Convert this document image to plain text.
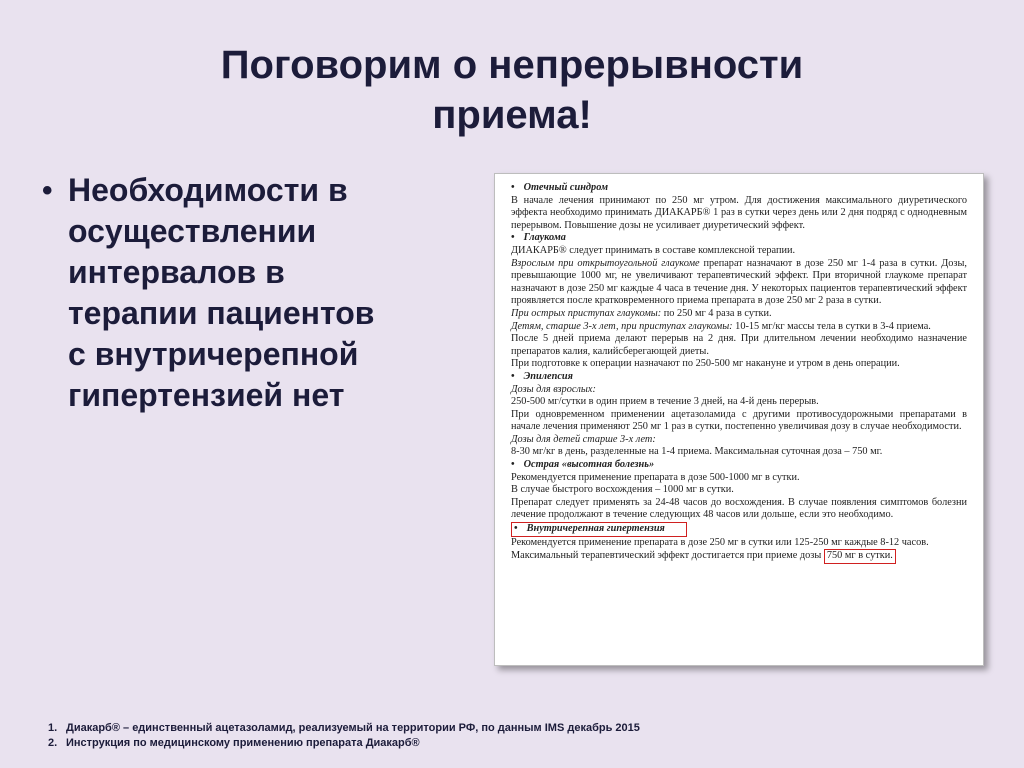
Поговорим о непрерывности
приема!
• Необходимости в
осуществлении
интервалов в
терапии пациентов
с внутричерепной
гипертензией нет

• Отечный синдром

В начале лечения принимают по 250 мг утром. Для достижения максимального диуретического эффекта необходимо принимать ДИАКАРБ® 1 раз в сутки через день или 2 дня подряд с однодневным перерывом. Повышение дозы не усиливает диуретический эффект.

• Глаукома

ДИАКАРБ® следует принимать в составе комплексной терапии.

Взрослым при открытоугольной глаукоме препарат назначают в дозе 250 мг 1-4 раза в сутки. Дозы, превышающие 1000 мг, не увеличивают терапевтический эффект. При вторичной глаукоме препарат назначают в дозе 250 мг каждые 4 часа в течение дня. У некоторых пациентов терапевтический эффект проявляется после кратковременного приема препарата в дозе 250 мг 2 раза в сутки.

При острых приступах глаукомы: по 250 мг 4 раза в сутки.

Детям, старше 3-х лет, при приступах глаукомы: 10-15 мг/кг массы тела в сутки в 3-4 приема.

После 5 дней приема делают перерыв на 2 дня. При длительном лечении необходимо назначение препаратов калия, калийсберегающей диеты.

При подготовке к операции назначают по 250-500 мг накануне и утром в день операции.

• Эпилепсия

Дозы для взрослых:

250-500 мг/сутки в один прием в течение 3 дней, на 4-й день перерыв.

При одновременном применении ацетазоламида с другими противосудорожными препаратами в начале лечения применяют 250 мг 1 раз в сутки, постепенно увеличивая дозу в случае необходимости.

Дозы для детей старше 3-х лет:

8-30 мг/кг в день, разделенные на 1-4 приема. Максимальная суточная доза – 750 мг.

• Острая «высотная болезнь»

Рекомендуется применение препарата в дозе 500-1000 мг в сутки.

В случае быстрого восхождения – 1000 мг в сутки.

Препарат следует применять за 24-48 часов до восхождения. В случае появления симптомов болезни лечение продолжают в течение следующих 48 часов или дольше, если это необходимо.

• Внутричерепная гипертензия

Рекомендуется применение препарата в дозе 250 мг в сутки или 125-250 мг каждые 8-12 часов.

Максимальный терапевтический эффект достигается при приеме дозы 750 мг в сутки.

1. Диакарб® – единственный ацетазоламид, реализуемый на территории РФ, по данным IMS декабрь 2015
2. Инструкция по медицинскому применению препарата Диакарб®
